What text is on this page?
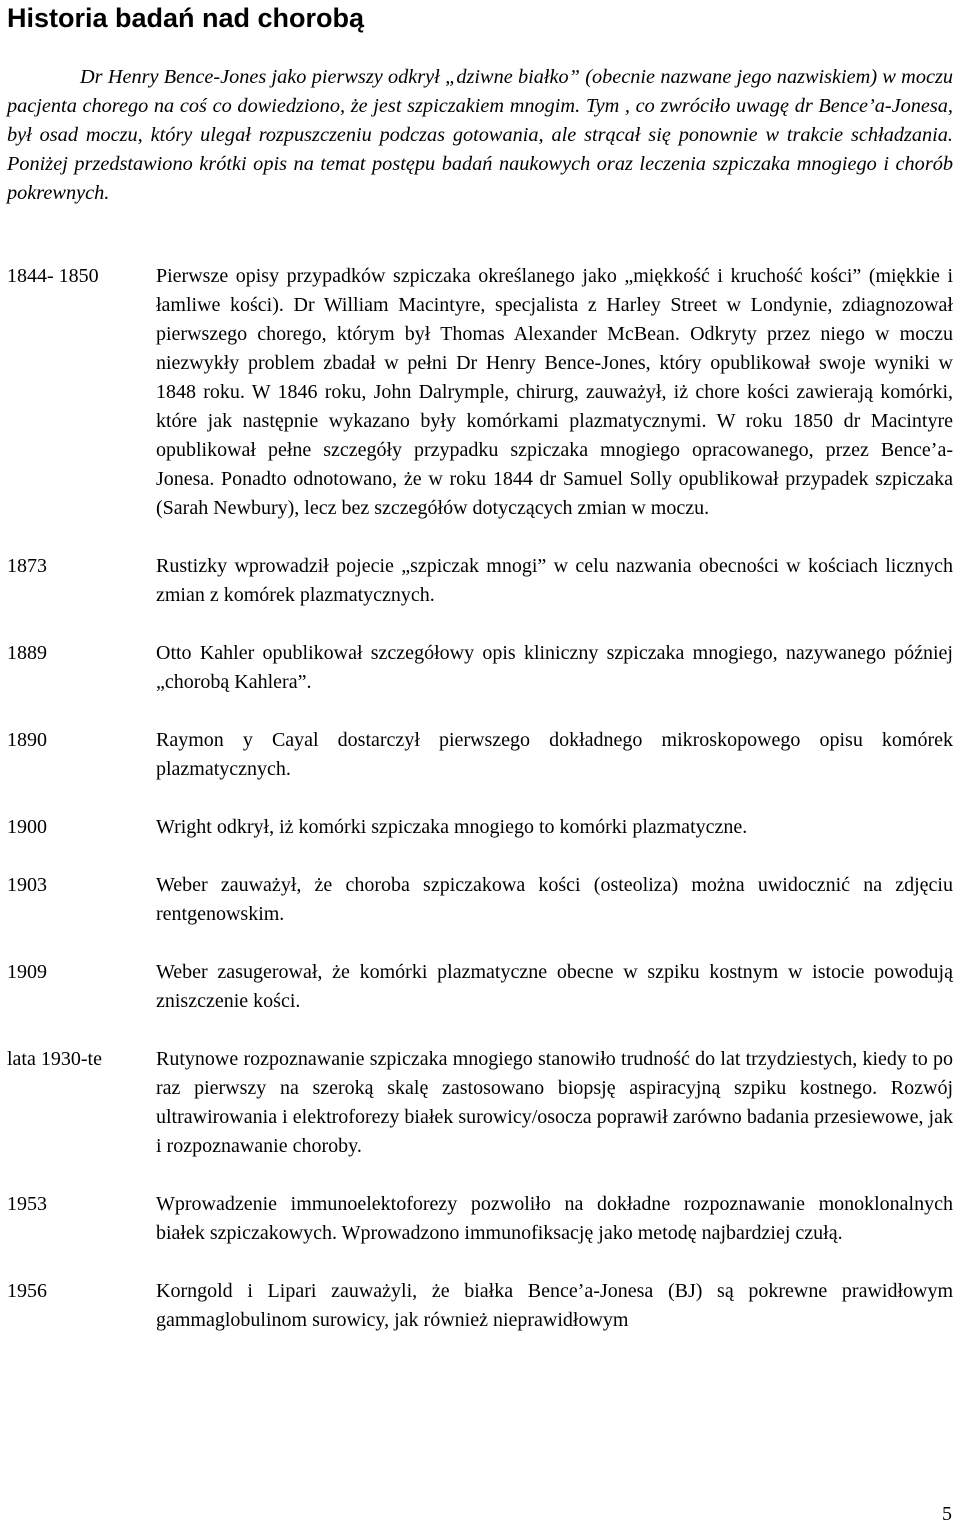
Historia badań nad chorobą

Dr Henry Bence-Jones jako pierwszy odkrył „dziwne białko” (obecnie nazwane jego nazwiskiem) w moczu pacjenta chorego na coś co dowiedziono, że jest szpiczakiem mnogim. Tym , co zwróciło uwagę dr Bence’a-Jonesa, był osad moczu, który ulegał rozpuszczeniu podczas gotowania, ale strącał się ponownie w trakcie schładzania. Poniżej przedstawiono krótki opis na temat postępu badań naukowych oraz leczenia szpiczaka mnogiego i chorób pokrewnych.

1844- 1850	Pierwsze opisy przypadków szpiczaka określanego jako „miękkość i kruchość kości” (miękkie i łamliwe kości). Dr William Macintyre, specjalista z Harley Street w Londynie, zdiagnozował pierwszego chorego, którym był Thomas Alexander McBean. Odkryty przez niego w moczu niezwykły problem zbadał w pełni Dr Henry Bence-Jones, który opublikował swoje wyniki w 1848 roku. W 1846 roku, John Dalrymple, chirurg, zauważył, iż chore kości zawierają komórki, które jak następnie wykazano były komórkami plazmatycznymi. W roku 1850 dr Macintyre opublikował pełne szczegóły przypadku szpiczaka mnogiego opracowanego, przez Bence’a-Jonesa. Ponadto odnotowano, że w roku 1844 dr Samuel Solly opublikował przypadek szpiczaka (Sarah Newbury), lecz bez szczegółów dotyczących zmian w moczu.
1873	Rustizky wprowadził pojecie „szpiczak mnogi” w celu nazwania obecności w kościach licznych zmian z komórek plazmatycznych.
1889	Otto Kahler opublikował szczegółowy opis kliniczny szpiczaka mnogiego, nazywanego później „chorobą Kahlera”.
1890	Raymon y Cayal dostarczył pierwszego dokładnego mikroskopowego opisu komórek plazmatycznych.
1900	Wright odkrył, iż komórki szpiczaka mnogiego to komórki plazmatyczne.
1903	Weber zauważył, że choroba szpiczakowa kości (osteoliza) można uwidocznić na zdjęciu rentgenowskim.
1909	Weber zasugerował, że komórki plazmatyczne obecne w szpiku kostnym w istocie powodują zniszczenie kości.
lata 1930-te	Rutynowe rozpoznawanie szpiczaka mnogiego stanowiło trudność do lat trzydziestych, kiedy to po raz pierwszy na szeroką skalę zastosowano biopsję aspiracyjną szpiku kostnego. Rozwój ultrawirowania i elektroforezy białek surowicy/osocza poprawił zarówno badania przesiewowe, jak i rozpoznawanie choroby.
1953	Wprowadzenie immunoelektoforezy pozwoliło na dokładne rozpoznawanie monoklonalnych białek szpiczakowych. Wprowadzono immunofiksację jako metodę najbardziej czułą.
1956	Korngold i Lipari zauważyli, że białka Bence’a-Jonesa (BJ) są pokrewne prawidłowym gammaglobulinom surowicy, jak również nieprawidłowym
5
